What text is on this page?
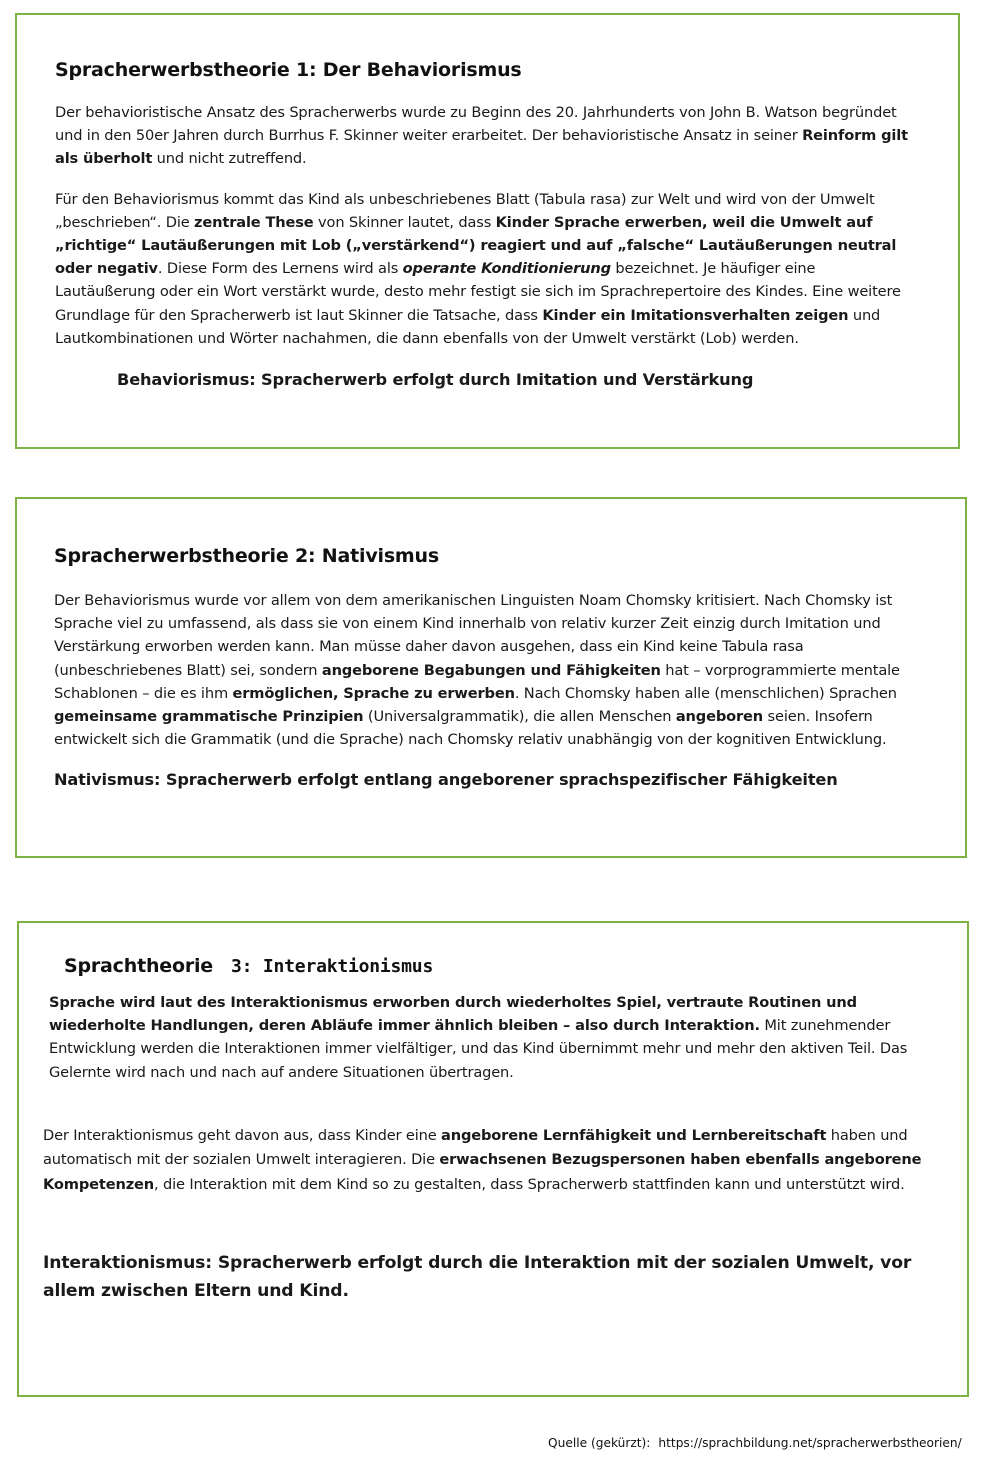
Spracherwerbstheorie 1: Der Behaviorismus

Der behavioristische Ansatz des Spracherwerbs wurde zu Beginn des 20. Jahrhunderts von John B. Watson begründet und in den 50er Jahren durch Burrhus F. Skinner weiter erarbeitet. Der behavioristische Ansatz in seiner Reinform gilt als überholt und nicht zutreffend.

Für den Behaviorismus kommt das Kind als unbeschriebenes Blatt (Tabula rasa) zur Welt und wird von der Umwelt „beschrieben“. Die zentrale These von Skinner lautet, dass Kinder Sprache erwerben, weil die Umwelt auf „richtige“ Lautäußerungen mit Lob („verstärkend“) reagiert und auf „falsche“ Lautäußerungen neutral oder negativ. Diese Form des Lernens wird als operante Konditionierung bezeichnet. Je häufiger eine Lautäußerung oder ein Wort verstärkt wurde, desto mehr festigt sie sich im Sprachrepertoire des Kindes. Eine weitere Grundlage für den Spracherwerb ist laut Skinner die Tatsache, dass Kinder ein Imitationsverhalten zeigen und Lautkombinationen und Wörter nachahmen, die dann ebenfalls von der Umwelt verstärkt (Lob) werden.

Behaviorismus: Spracherwerb erfolgt durch Imitation und Verstärkung

Spracherwerbstheorie 2: Nativismus

Der Behaviorismus wurde vor allem von dem amerikanischen Linguisten Noam Chomsky kritisiert. Nach Chomsky ist Sprache viel zu umfassend, als dass sie von einem Kind innerhalb von relativ kurzer Zeit einzig durch Imitation und Verstärkung erworben werden kann. Man müsse daher davon ausgehen, dass ein Kind keine Tabula rasa (unbeschriebenes Blatt) sei, sondern angeborene Begabungen und Fähigkeiten hat – vorprogrammierte mentale Schablonen – die es ihm ermöglichen, Sprache zu erwerben. Nach Chomsky haben alle (menschlichen) Sprachen gemeinsame grammatische Prinzipien (Universalgrammatik), die allen Menschen angeboren seien. Insofern entwickelt sich die Grammatik (und die Sprache) nach Chomsky relativ unabhängig von der kognitiven Entwicklung.

Nativismus: Spracherwerb erfolgt entlang angeborener sprachspezifischer Fähigkeiten

Sprachtheorie 3: Interaktionismus

Sprache wird laut des Interaktionismus erworben durch wiederholtes Spiel, vertraute Routinen und wiederholte Handlungen, deren Abläufe immer ähnlich bleiben – also durch Interaktion. Mit zunehmender Entwicklung werden die Interaktionen immer vielfältiger, und das Kind übernimmt mehr und mehr den aktiven Teil. Das Gelernte wird nach und nach auf andere Situationen übertragen.

Der Interaktionismus geht davon aus, dass Kinder eine angeborene Lernfähigkeit und Lernbereitschaft haben und automatisch mit der sozialen Umwelt interagieren. Die erwachsenen Bezugspersonen haben ebenfalls angeborene Kompetenzen, die Interaktion mit dem Kind so zu gestalten, dass Spracherwerb stattfinden kann und unterstützt wird.

Interaktionismus: Spracherwerb erfolgt durch die Interaktion mit der sozialen Umwelt, vor allem zwischen Eltern und Kind.

Quelle (gekürzt): https://sprachbildung.net/spracherwerbstheorien/
